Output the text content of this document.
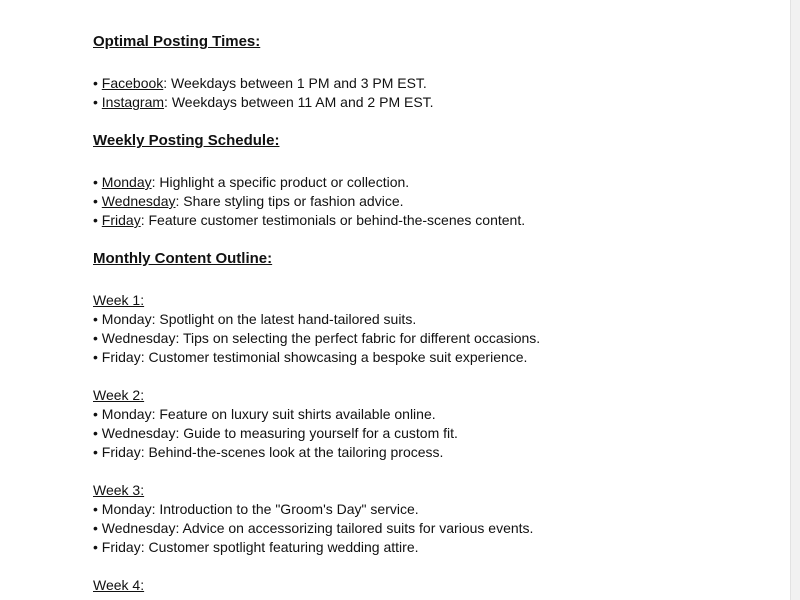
Optimal Posting Times:
• Facebook: Weekdays between 1 PM and 3 PM EST.
• Instagram: Weekdays between 11 AM and 2 PM EST.
Weekly Posting Schedule:
• Monday: Highlight a specific product or collection.
• Wednesday: Share styling tips or fashion advice.
• Friday: Feature customer testimonials or behind-the-scenes content.
Monthly Content Outline:
Week 1:
• Monday: Spotlight on the latest hand-tailored suits.
• Wednesday: Tips on selecting the perfect fabric for different occasions.
• Friday: Customer testimonial showcasing a bespoke suit experience.
Week 2:
• Monday: Feature on luxury suit shirts available online.
• Wednesday: Guide to measuring yourself for a custom fit.
• Friday: Behind-the-scenes look at the tailoring process.
Week 3:
• Monday: Introduction to the "Groom's Day" service.
• Wednesday: Advice on accessorizing tailored suits for various events.
• Friday: Customer spotlight featuring wedding attire.
Week 4:
